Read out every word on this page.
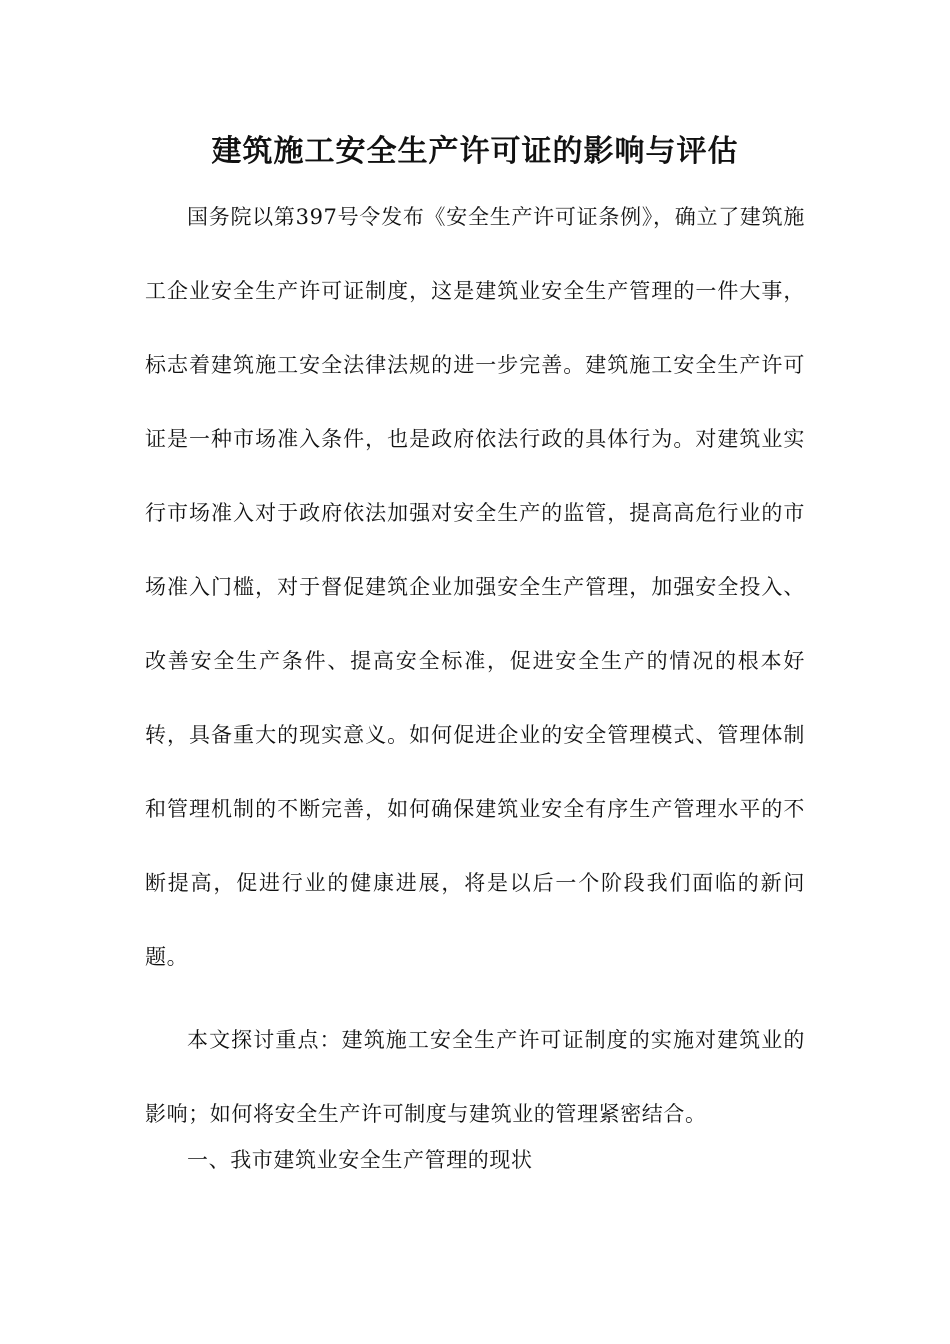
建筑施工安全生产许可证的影响与评估

国务院以第397号令发布《安全生产许可证条例》，确立了建筑施工企业安全生产许可证制度，这是建筑业安全生产管理的一件大事，标志着建筑施工安全法律法规的进一步完善。建筑施工安全生产许可证是一种市场准入条件，也是政府依法行政的具体行为。对建筑业实行市场准入对于政府依法加强对安全生产的监管，提高高危行业的市场准入门槛，对于督促建筑企业加强安全生产管理，加强安全投入、改善安全生产条件、提高安全标准，促进安全生产的情况的根本好转，具备重大的现实意义。如何促进企业的安全管理模式、管理体制和管理机制的不断完善，如何确保建筑业安全有序生产管理水平的不断提高，促进行业的健康进展，将是以后一个阶段我们面临的新问题。

本文探讨重点：建筑施工安全生产许可证制度的实施对建筑业的影响；如何将安全生产许可制度与建筑业的管理紧密结合。

一、我市建筑业安全生产管理的现状
